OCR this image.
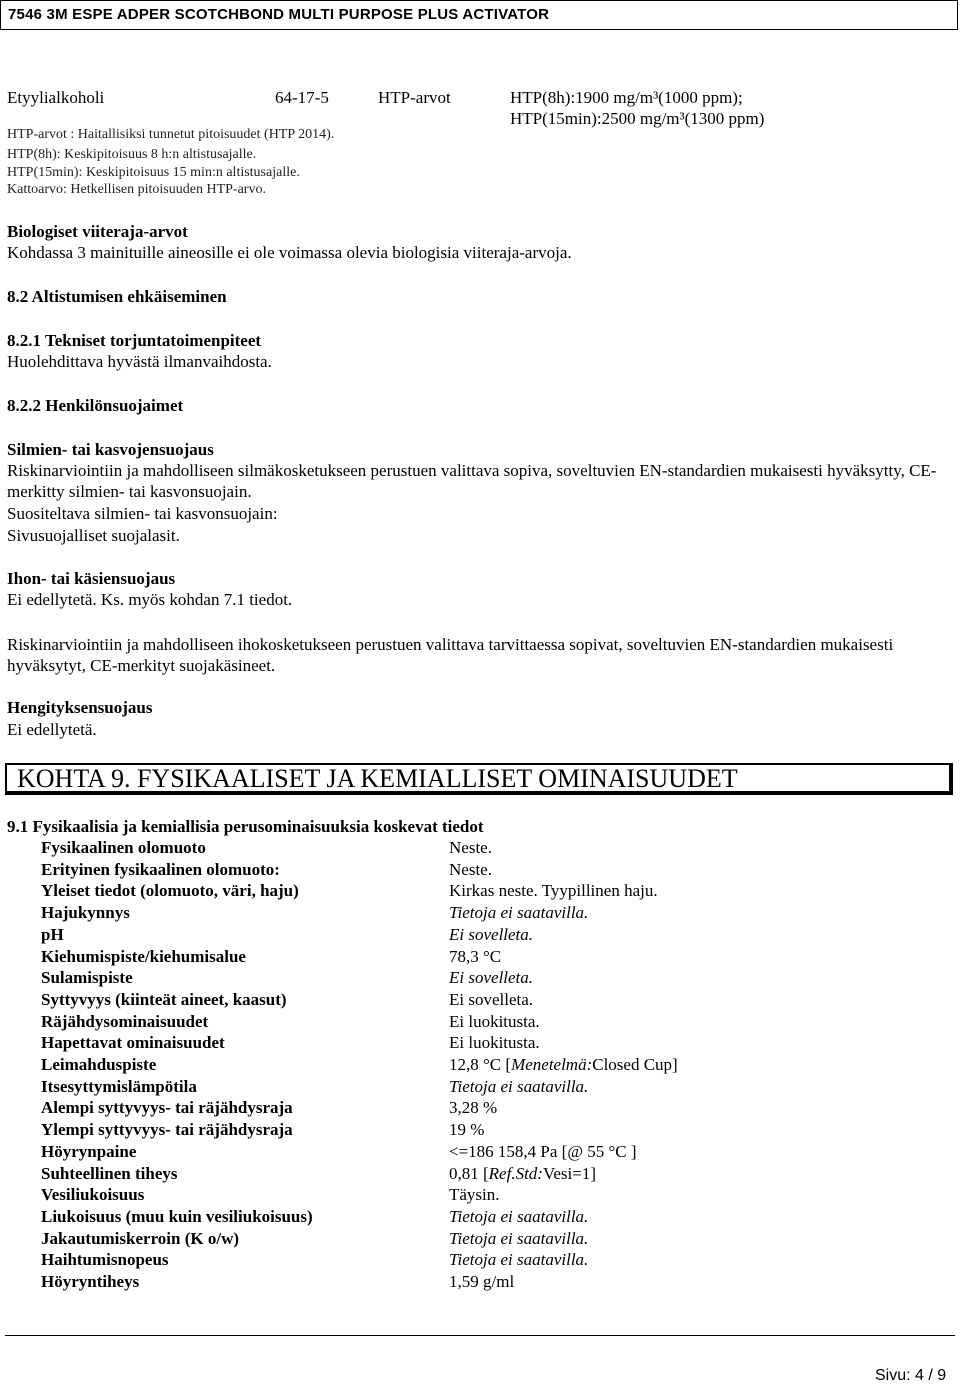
7546 3M ESPE ADPER SCOTCHBOND MULTI PURPOSE PLUS ACTIVATOR
Etyylialkoholi	64-17-5	HTP-arvot	HTP(8h):1900 mg/m³(1000 ppm);
HTP(15min):2500 mg/m³(1300 ppm)
HTP-arvot : Haitallisiksi tunnetut pitoisuudet (HTP 2014).
HTP(8h): Keskipitoisuus 8 h:n altistusajalle.
HTP(15min): Keskipitoisuus 15 min:n altistusajalle.
Kattoarvo: Hetkellisen pitoisuuden HTP-arvo.
Biologiset viiteraja-arvot
Kohdassa 3 mainituille aineosille ei ole voimassa olevia biologisia viiteraja-arvoja.
8.2 Altistumisen ehkäiseminen
8.2.1 Tekniset torjuntatoimenpiteet
Huolehdittava hyvästä ilmanvaihdosta.
8.2.2 Henkilönsuojaimet
Silmien- tai kasvojensuojaus
Riskinarviointiin ja mahdolliseen silmäkosketukseen perustuen valittava sopiva, soveltuvien EN-standardien mukaisesti hyväksytty, CE-merkitty silmien- tai kasvonsuojain.
Suositeltava silmien- tai kasvonsuojain:
Sivusuojalliset suojalasit.
Ihon- tai käsiensuojaus
Ei edellytetä. Ks. myös kohdan 7.1 tiedot.
Riskinarviointiin ja mahdolliseen ihokosketukseen perustuen valittava tarvittaessa sopivat, soveltuvien EN-standardien mukaisesti hyväksytyt, CE-merkityt suojakäsineet.
Hengityksensuojaus
Ei edellytetä.
KOHTA 9. FYSIKAALISET JA KEMIALLISET OMINAISUUDET
9.1 Fysikaalisia ja kemiallisia perusominaisuuksia koskevat tiedot
Fysikaalinen olomuoto	Neste.
Erityinen fysikaalinen olomuoto:	Neste.
Yleiset tiedot (olomuoto, väri, haju)	Kirkas neste. Tyypillinen haju.
Hajukynnys	Tietoja ei saatavilla.
pH	Ei sovelleta.
Kiehumispiste/kiehumisalue	78,3 °C
Sulamispiste	Ei sovelleta.
Syttyvyys (kiinteät aineet, kaasut)	Ei sovelleta.
Räjähdysominaisuudet	Ei luokitusta.
Hapettavat ominaisuudet	Ei luokitusta.
Leimahduspiste	12,8 °C [Menetelmä:Closed Cup]
Itsesyttymislämpötila	Tietoja ei saatavilla.
Alempi syttyvyys- tai räjähdysraja	3,28 %
Ylempi syttyvyys- tai räjähdysraja	19 %
Höyrynpaine	<=186 158,4 Pa [@ 55 °C ]
Suhteellinen tiheys	0,81 [Ref.Std:Vesi=1]
Vesiliukoisuus	Täysin.
Liukoisuus (muu kuin vesiliukoisuus)	Tietoja ei saatavilla.
Jakautumiskerroin (K o/w)	Tietoja ei saatavilla.
Haihtumisnopeus	Tietoja ei saatavilla.
Höyryntiheys	1,59 g/ml
Sivu: 4 / 9
